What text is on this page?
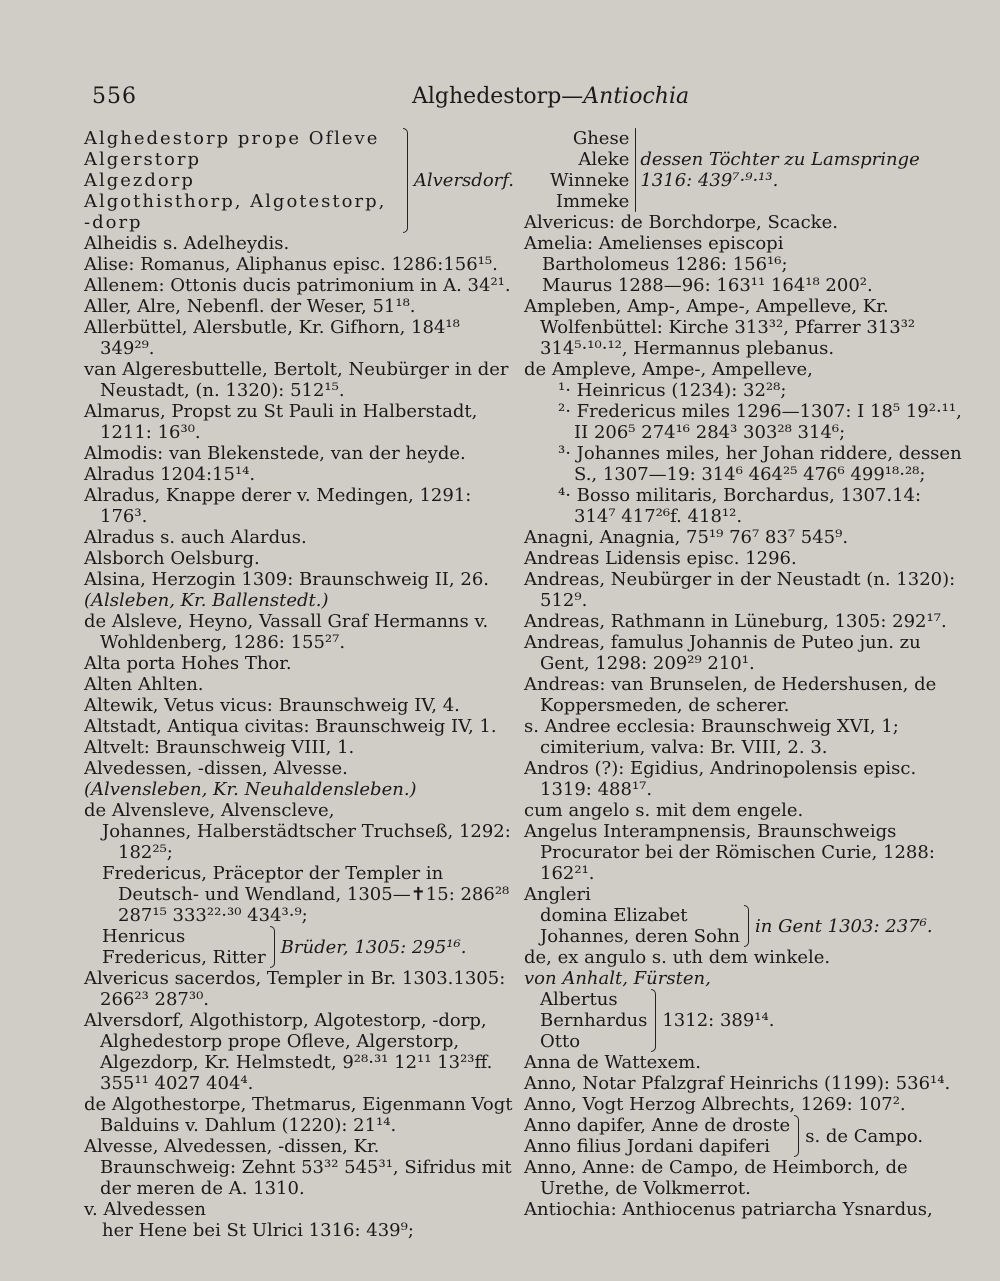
556	Alghedestorp—Antiochia
Alghedestorp prope Ofleve
Algerstorp
Algezdorp
Algothisthorp, Algotestorp, -dorp
Alversdorf.

Alheidis s. Adelheydis.

Alise: Romanus, Aliphanus episc. 1286:156¹⁵.

Allenem: Ottonis ducis patrimonium in A. 34²¹.

Aller, Alre, Nebenfl. der Weser, 51¹⁸.

Allerbüttel, Alersbutle, Kr. Gifhorn, 184¹⁸ 349²⁹.

van Algeresbuttelle, Bertolt, Neubürger in der Neustadt, (n. 1320): 512¹⁵.

Almarus, Propst zu St Pauli in Halberstadt, 1211: 16³⁰.

Almodis: van Blekenstede, van der heyde.

Alradus 1204:15¹⁴.

Alradus, Knappe derer v. Medingen, 1291: 176³.

Alradus s. auch Alardus.

Alsborch Oelsburg.

Alsina, Herzogin 1309: Braunschweig II, 26.

(Alsleben, Kr. Ballenstedt.)

de Alsleve, Heyno, Vassall Graf Hermanns v. Wohldenberg, 1286: 155²⁷.

Alta porta Hohes Thor.

Alten Ahlten.

Altewik, Vetus vicus: Braunschweig IV, 4.

Altstadt, Antiqua civitas: Braunschweig IV, 1.

Altvelt: Braunschweig VIII, 1.

Alvedessen, -dissen, Alvesse.

(Alvensleben, Kr. Neuhaldensleben.)

de Alvensleve, Alvenscleve,

Johannes, Halberstädtscher Truchseß, 1292: 182²⁵;

Fredericus, Präceptor der Templer in Deutsch- und Wendland, 1305—✝15: 286²⁸ 287¹⁵ 333²²·³⁰ 434³·⁹;

Henricus
Fredericus, Ritter Brüder, 1305: 295¹⁶.

Alvericus sacerdos, Templer in Br. 1303.1305: 266²³ 287³⁰.

Alversdorf, Algothistorp, Algotestorp, -dorp, Alghedestorp prope Ofleve, Algerstorp, Algezdorp, Kr. Helmstedt, 9²⁸·³¹ 12¹¹ 13²³ff. 355¹¹ 4027 404⁴.

de Algothestorpe, Thetmarus, Eigenmann Vogt Balduins v. Dahlum (1220): 21¹⁴.

Alvesse, Alvedessen, -dissen, Kr. Braunschweig: Zehnt 53³² 545³¹, Sifridus mit der meren de A. 1310.

v. Alvedessen

her Hene bei St Ulrici 1316: 439⁹;

Ghese
Aleke
Winneke
Immeke
dessen Töchter zu Lamspringe 1316: 439⁷·⁹·¹³.

Alvericus: de Borchdorpe, Scacke.

Amelia: Amelienses episcopi

Bartholomeus 1286: 156¹⁶;

Maurus 1288—96: 163¹¹ 164¹⁸ 200².

Ampleben, Amp-, Ampe-, Ampelleve, Kr. Wolfenbüttel: Kirche 313³², Pfarrer 313³² 314⁵·¹⁰·¹², Hermannus plebanus.

de Ampleve, Ampe-, Ampelleve,

¹· Heinricus (1234): 32²⁸;

²· Fredericus miles 1296—1307: I 18⁵ 19²·¹¹, II 206⁵ 274¹⁶ 284³ 303²⁸ 314⁶;

³· Johannes miles, her Johan riddere, dessen S., 1307—19: 314⁶ 464²⁵ 476⁶ 499¹⁸·²⁸;

⁴· Bosso militaris, Borchardus, 1307.14: 314⁷ 417²⁶f. 418¹².

Anagni, Anagnia, 75¹⁹ 76⁷ 83⁷ 545⁹.

Andreas Lidensis episc. 1296.

Andreas, Neubürger in der Neustadt (n. 1320): 512⁹.

Andreas, Rathmann in Lüneburg, 1305: 292¹⁷.

Andreas, famulus Johannis de Puteo jun. zu Gent, 1298: 209²⁹ 210¹.

Andreas: van Brunselen, de Hedershusen, de Koppersmeden, de scherer.

s. Andree ecclesia: Braunschweig XVI, 1; cimiterium, valva: Br. VIII, 2. 3.

Andros (?): Egidius, Andrinopolensis episc. 1319: 488¹⁷.

cum angelo s. mit dem engele.

Angelus Interampnensis, Braunschweigs Procurator bei der Römischen Curie, 1288: 162²¹.

Angleri

domina Elizabet
Johannes, deren Sohn in Gent 1303: 237⁶.

de, ex angulo s. uth dem winkele.

von Anhalt, Fürsten,

Albertus
Bernhardus
Otto
1312: 389¹⁴.

Anna de Wattexem.

Anno, Notar Pfalzgraf Heinrichs (1199): 536¹⁴.

Anno, Vogt Herzog Albrechts, 1269: 107².

Anno dapifer, Anne de droste
Anno filius Jordani dapiferi	s. de Campo.

Anno, Anne: de Campo, de Heimborch, de Urethe, de Volkmerrot.

Antiochia: Anthiocenus patriarcha Ysnardus,
